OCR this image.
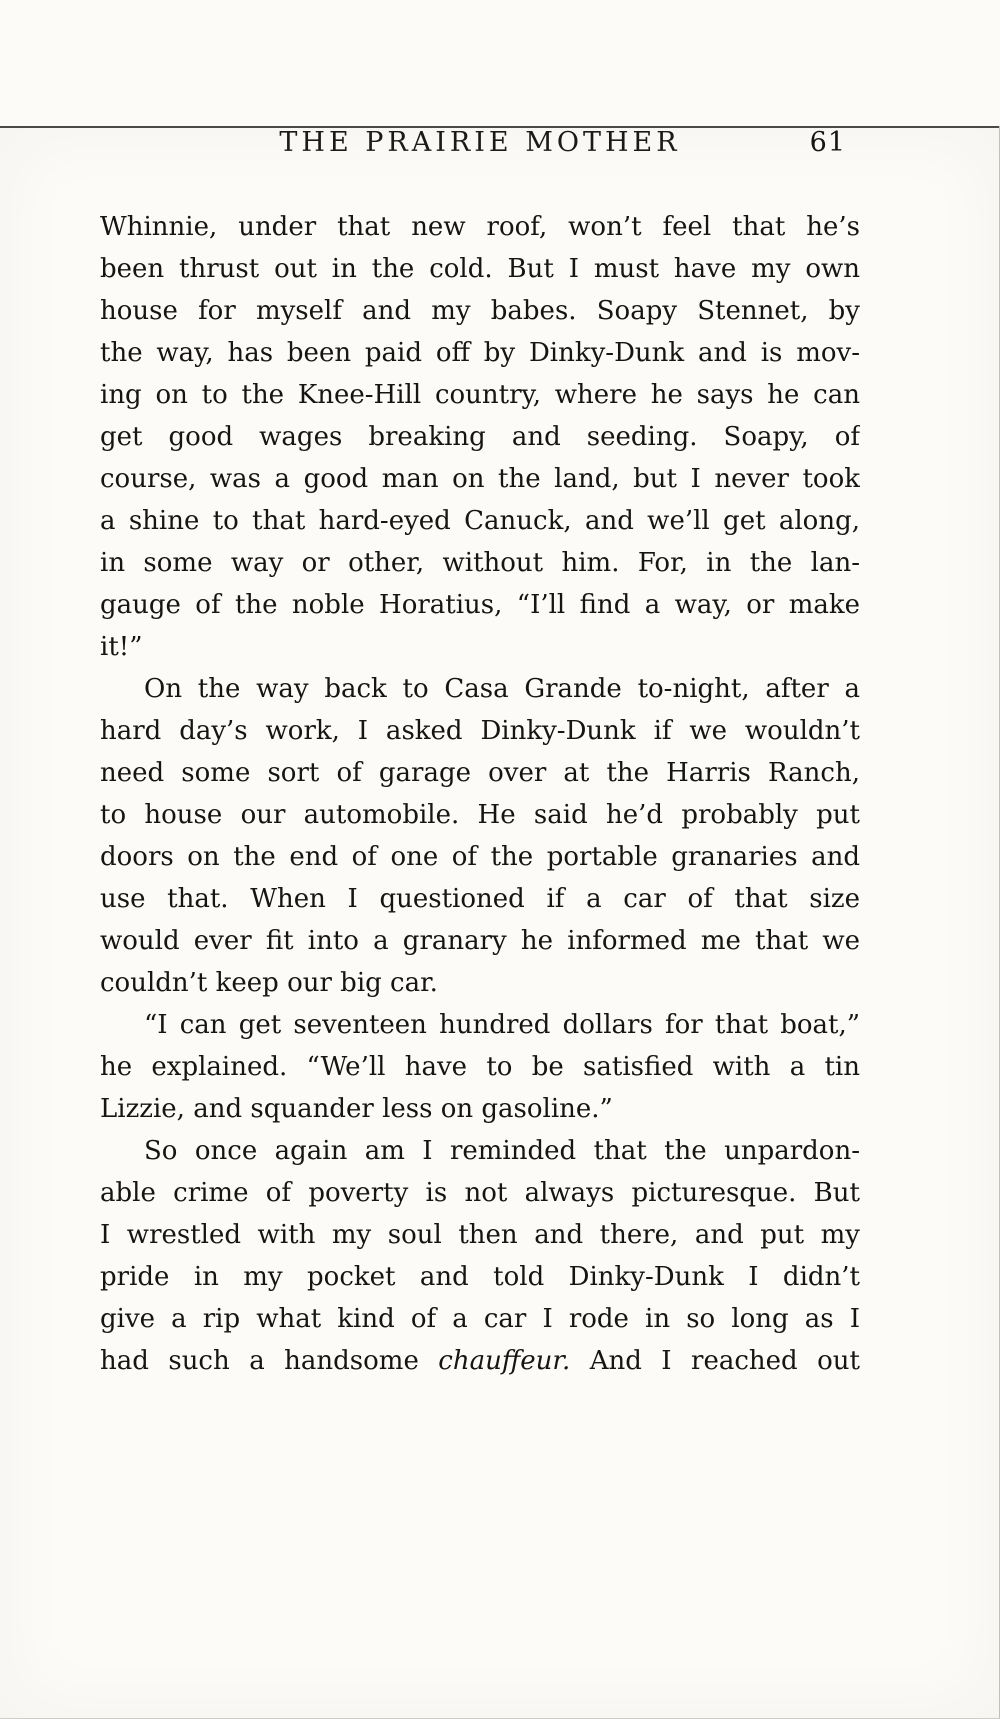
THE PRAIRIE MOTHER	61
Whinnie, under that new roof, won’t feel that he’s
been thrust out in the cold. But I must have my own
house for myself and my babes. Soapy Stennet, by
the way, has been paid off by Dinky-Dunk and is mov-
ing on to the Knee-Hill country, where he says he can
get good wages breaking and seeding. Soapy, of
course, was a good man on the land, but I never took
a shine to that hard-eyed Canuck, and we’ll get along,
in some way or other, without him. For, in the lan-
gauge of the noble Horatius, “I’ll find a way, or make
it!”
On the way back to Casa Grande to-night, after a
hard day’s work, I asked Dinky-Dunk if we wouldn’t
need some sort of garage over at the Harris Ranch,
to house our automobile. He said he’d probably put
doors on the end of one of the portable granaries and
use that. When I questioned if a car of that size
would ever fit into a granary he informed me that we
couldn’t keep our big car.
“I can get seventeen hundred dollars for that boat,”
he explained. “We’ll have to be satisfied with a tin
Lizzie, and squander less on gasoline.”
So once again am I reminded that the unpardon-
able crime of poverty is not always picturesque. But
I wrestled with my soul then and there, and put my
pride in my pocket and told Dinky-Dunk I didn’t
give a rip what kind of a car I rode in so long as I
had such a handsome chauffeur. And I reached out
